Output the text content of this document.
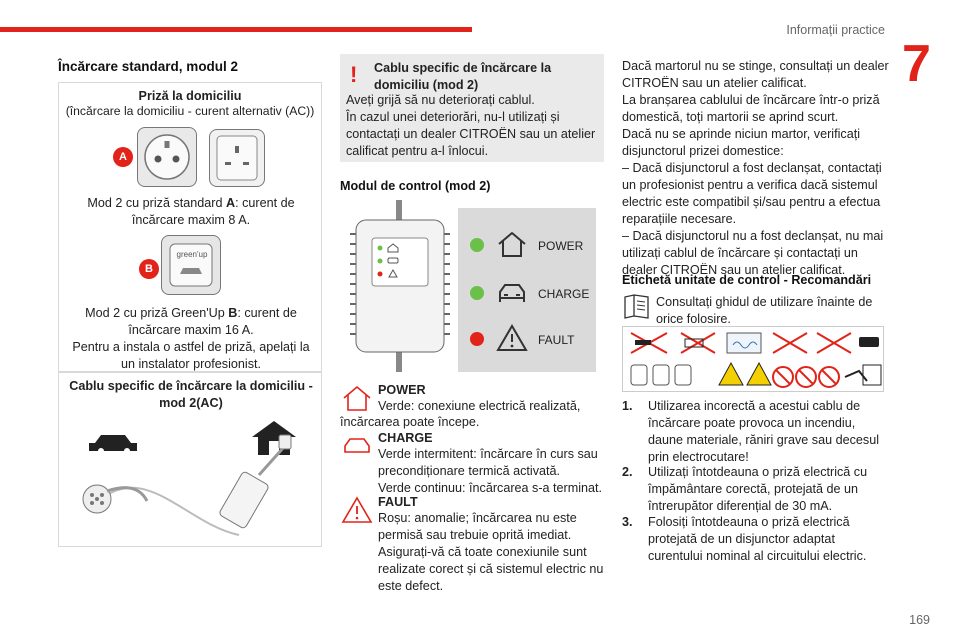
Informații practice
7
169
Încărcare standard, modul 2
Priză la domiciliu
(încărcare la domiciliu - curent alternativ (AC))
A
Mod 2 cu priză standard A: curent de încărcare maxim 8 A.
green'up
B
Mod 2 cu priză Green'Up B: curent de încărcare maxim 16 A.
Pentru a instala o astfel de priză, apelați la un instalator profesionist.
Cablu specific de încărcare la domiciliu - mod 2(AC)
! Cablu specific de încărcare la domiciliu (mod 2)
Aveți grijă să nu deteriorați cablul.
În cazul unei deteriorări, nu-l utilizați și contactați un dealer CITROËN sau un atelier calificat pentru a-l înlocui.
Modul de control (mod 2)
POWER
CHARGE
FAULT
POWER
Verde: conexiune electrică realizată,
încărcarea poate începe.
CHARGE
Verde intermitent: încărcare în curs sau precondiționare termică activată.
Verde continuu: încărcarea s-a terminat.
FAULT
Roșu: anomalie; încărcarea nu este permisă sau trebuie oprită imediat. Asigurați-vă că toate conexiunile sunt realizate corect și că sistemul electric nu este defect.
Dacă martorul nu se stinge, consultați un dealer CITROËN sau un atelier calificat.
La branșarea cablului de încărcare într-o priză domestică, toți martorii se aprind scurt.
Dacă nu se aprinde niciun martor, verificați disjunctorul prizei domestice:
– Dacă disjunctorul a fost declanșat, contactați un profesionist pentru a verifica dacă sistemul electric este compatibil și/sau pentru a efectua reparațiile necesare.
– Dacă disjunctorul nu a fost declanșat, nu mai utilizați cablul de încărcare și contactați un dealer CITROËN sau un atelier calificat.
Etichetă unitate de control - Recomandări
Consultați ghidul de utilizare înainte de orice folosire.
1. Utilizarea incorectă a acestui cablu de încărcare poate provoca un incendiu, daune materiale, răniri grave sau decesul prin electrocutare!
2. Utilizați întotdeauna o priză electrică cu împământare corectă, protejată de un întrerupător diferențial de 30 mA.
3. Folosiți întotdeauna o priză electrică protejată de un disjunctor adaptat curentului nominal al circuitului electric.
